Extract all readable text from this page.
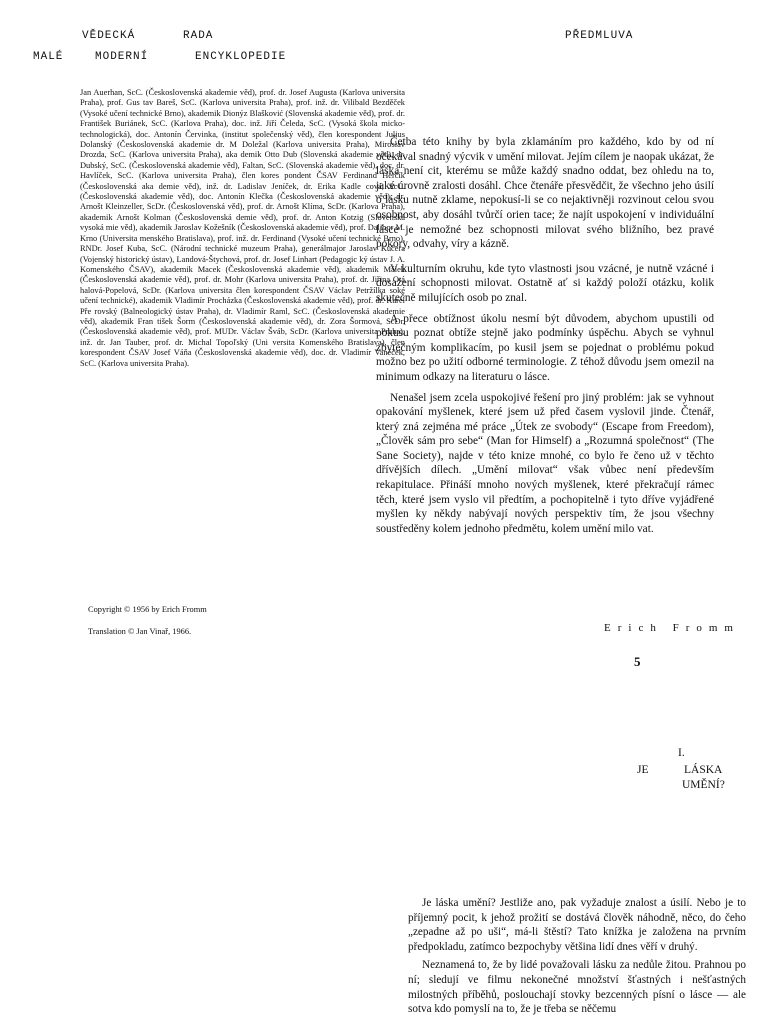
VĚDECKÁ	RADA	PŘEDMLUVA
MALÉ	MODERNÍ	ENCYKLOPEDIE

Jan Auerhan, ScC. (Československá akademie věd), prof. dr. Josef Augusta (Karlova universita Praha), prof. Gus tav Bareš, ScC. (Karlova universita Praha), prof. inž. dr. Vilibald Bezděček (Vysoké učení technické Brno), akademik Dionýz Blašković (Slovenská akademie věd), prof. dr. František Buriánek, ScC. (Karlova Praha), doc. inž. Jiří Čeleda, ScC. (Vysoká škola micko-technologická), doc. Antonín Červinka, (institut společenský věd), člen korespondent Julius Dolanský (Československá akademie dr. M Doležal (Karlova universita Praha), Miroslav Drozda, ScC. (Karlova universita Praha), aka demik Otto Dub (Slovenská akademie věd), dr. Dubský, ScC. (Československá akademie věd), Faltan, ScC. (Slovenská akademie věd), doc. dr. Havlíček, ScC. (Karlova universita Praha), člen kores pondent ČSAV Ferdinand Herčík (Československá aka demie věd), inž. dr. Ladislav Jeníček, dr. Erika Kadle cová, ScC. (Československá akademie věd), doc. Antonín Klečka (Československá akademie věd), dr. Arnošt Kleinzeller, ScDr. (Československá věd), prof. dr. Arnošt Klíma, ScDr. (Karlova Praha), akademik Arnošt Kolman (Československá demie věd), prof. dr. Anton Kotzig (Slovenská vysoká mie věd), akademik Jaroslav Kožešník (Československá akademie věd), prof. Dalibor M. Krno (Universita menského Bratislava), prof. inž. dr. Ferdinand (Vysoké učení technické Brno), RNDr. Josef Kuba, ScC. (Národní technické muzeum Praha), generálmajor Jaroslav Kučera (Vojenský historický ústav), Landová-Štychová, prof. dr. Josef Linhart (Pedagogic ký ústav J. A. Komenského ČSAV), akademik Macek (Československá akademie věd), akademik Málek (Československá akademie věd), prof. dr. Mohr (Karlova universita Praha), prof. dr. Jiřina Otá halová-Popelová, ScDr. (Karlova universita člen korespondent ČSAV Václav Petržílka soké učení technické), akademik Vladimír Procházka (Československá akademie věd), prof. dr. Karel Pře rovský (Balneologický ústav Praha), dr. Vladimír Raml, ScC. (Československá akademie věd), akademik Fran tišek Šorm (Československá akademie věd), dr. Zora Šormová, ScDr. (Československá akademie věd), prof. MUDr. Václav Šváb, ScDr. (Karlova universita Praha), inž. dr. Jan Tauber, prof. dr. Michal Topoľský (Uni versita Komenského Bratislava), člen korespondent ČSAV Josef Váňa (Československá akademie věd), doc. dr. Vladimír Vaněček, ScC. (Karlova universita Praha).

Copyright © 1956 by Erich Fromm
Translation © Jan Vinař, 1966.

Četba této knihy by byla zklamáním pro každého, kdo by od ní očekával snadný výcvik v umění milovat. Jejím cílem je naopak ukázat, že láska není cit, kterému se může každý snadno oddat, bez ohledu na to, jaké úrovně zralosti dosáhl. Chce čtenáře přesvědčit, že všechno jeho úsilí o lásku nutně zklame, nepokusí-li se co nejaktivněji rozvinout celou svou osobnost, aby dosáhl tvůrčí orien tace; že najít uspokojení v individuální lásce je nemožné bez schopnosti milovat svého bližního, bez pravé pokory, odvahy, víry a kázně.

V kulturním okruhu, kde tyto vlastnosti jsou vzácné, je nutně vzácné i dosažení schopnosti milovat. Ostatně ať si každý položí otázku, kolik skutečně milujících osob po znal.

A přece obtížnost úkolu nesmí být důvodem, abychom upustili od pokusu poznat obtíže stejně jako podmínky úspěchu. Abych se vyhnul zbytečným komplikacím, po kusil jsem se pojednat o problému pokud možno bez po užití odborné terminologie. Z téhož důvodu jsem omezil na minimum odkazy na literaturu o lásce.

Nenašel jsem zcela uspokojivé řešení pro jiný problém: jak se vyhnout opakování myšlenek, které jsem už před časem vyslovil jinde. Čtenář, který zná zejména mé práce „Útek ze svobody“ (Escape from Freedom), „Člověk sám pro sebe“ (Man for Himself) a „Rozumná společnost“ (The Sane Society), najde v této knize mnohé, co bylo ře čeno už v těchto dřívějších dílech. „Umění milovat“ však vůbec není především rekapitulace. Přináší mnoho nových myšlenek, které překračují rámec těch, které jsem vyslo vil předtím, a pochopitelně i tyto dříve vyjádřené myšlen ky někdy nabývají nových perspektiv tím, že jsou všechny soustředěny kolem jednoho předmětu, kolem umění milo vat.

Erich Fromm
5
I.
JE	LÁSKA
UMĚNÍ?

Je láska umění? Jestliže ano, pak vyžaduje znalost a úsilí. Nebo je to příjemný pocit, k jehož prožití se dostává člověk náhodně, něco, do čeho „zepadne až po uši“, má-li štěstí? Tato knížka je založena na prvním předpokladu, zatímco bezpochyby většina lidí dnes věří v druhý.

Neznamená to, že by lidé považovali lásku za nedůle žitou. Prahnou po ní; sledují ve filmu nekonečné množství šťastných i nešťastných milostných příběhů, poslouchají stovky bezcenných písní o lásce — ale sotva kdo pomyslí na to, že je třeba se něčemu
